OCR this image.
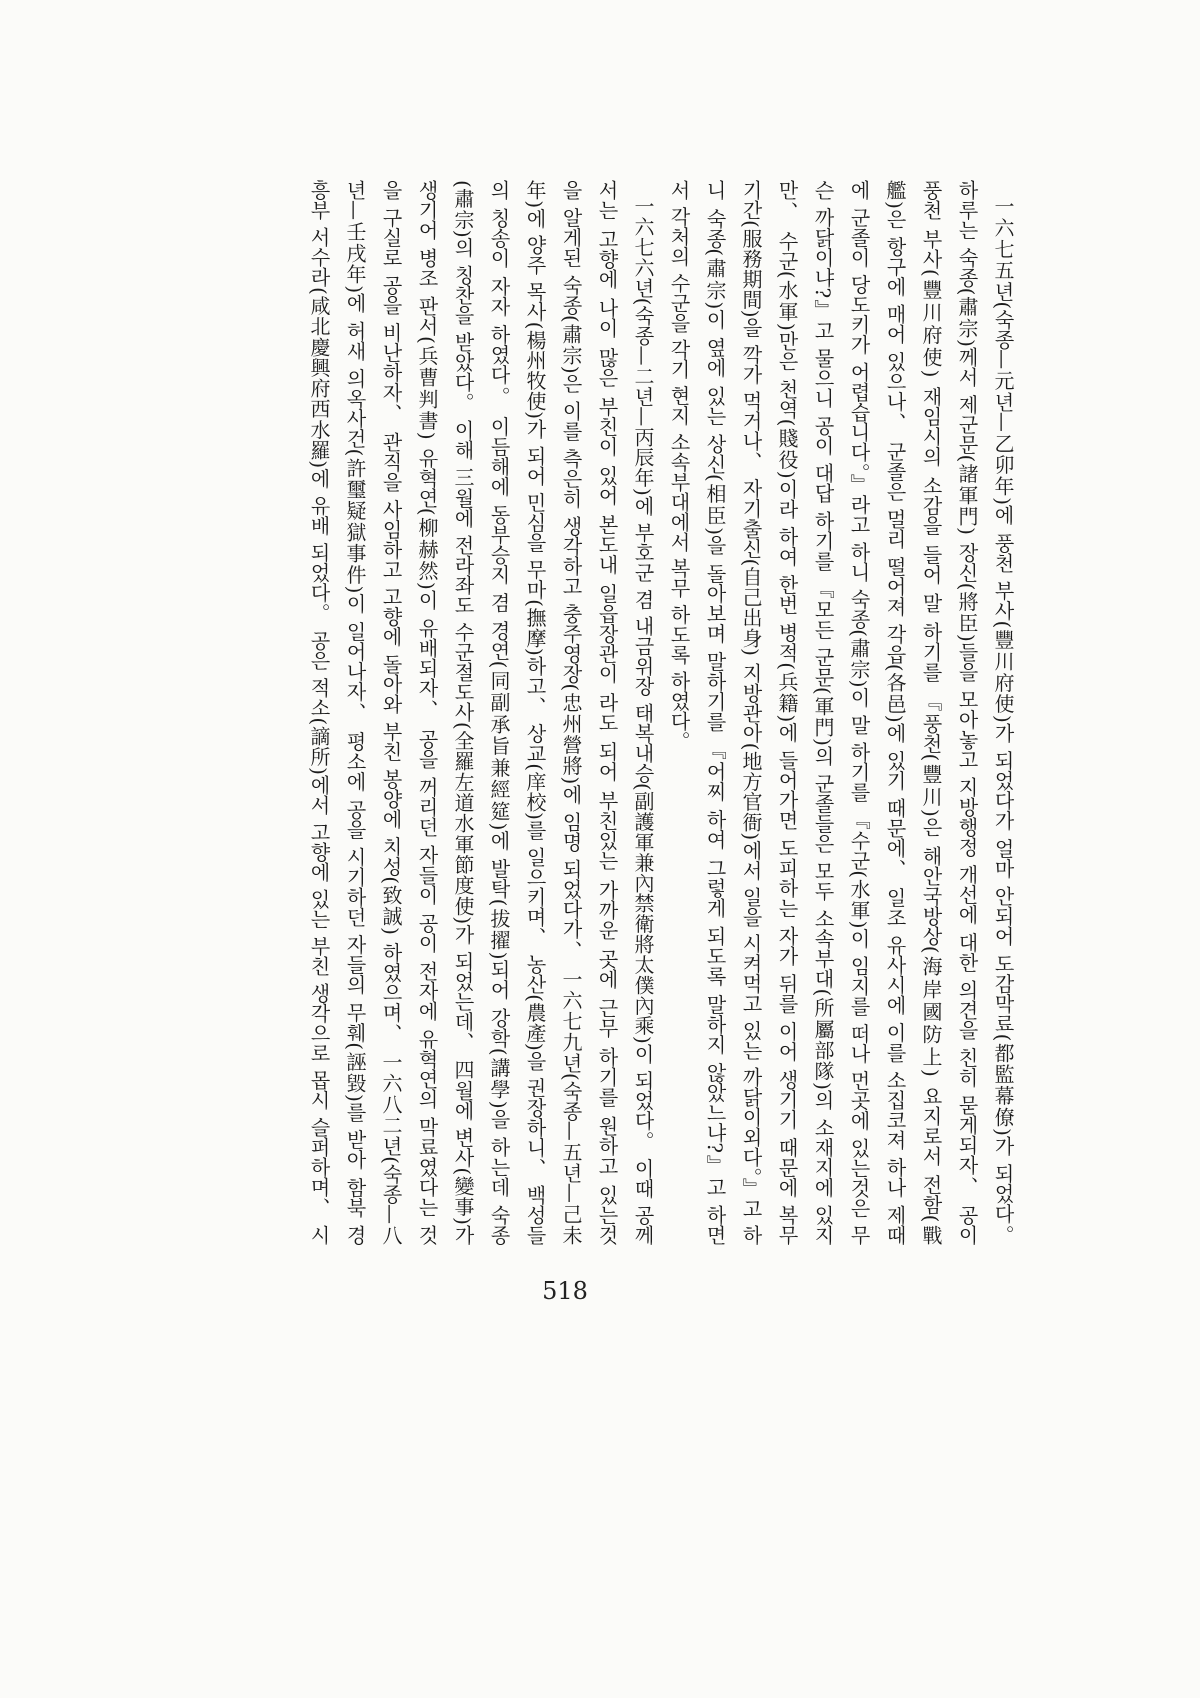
一六七五년(숙종—元년—乙卯年)에 풍천 부사(豐川府使)가 되었다가 얼마 안되어 도감막료(都監幕僚)가 되었다。
하루는 숙종(肅宗)께서 제군문(諸軍門) 장신(將臣)들을 모아놓고 지방행정 개선에 대한 의견을 친히 묻게되자、 공이
풍천 부사(豐川府使) 재임시의 소감을 들어 말 하기를 『풍천(豐川)은 해안국방상(海岸國防上) 요지로서 전함(戰
艦)은 항구에 매어 있으나、 군졸은 멀리 떨어져 각읍(各邑)에 있기 때문에、 일조 유사시에 이를 소집코져 하나 제때
에 군졸이 당도키가 어렵습니다。』라고 하니 숙종(肅宗)이 말 하기를 『수군(水軍)이 임지를 떠나 먼곳에 있는것은 무
슨 까닭이냐?』고 물으니 공이 대답 하기를 『모든 군문(軍門)의 군졸들은 모두 소속부대(所屬部隊)의 소재지에 있지
만、 수군(水軍)만은 천역(賤役)이라 하여 한번 병적(兵籍)에 들어가면 도피하는 자가 뒤를 이어 생기기 때문에 복무
기간(服務期間)을 깍가 먹거나、 자기출신(自己出身) 지방관아(地方官衙)에서 일을 시켜먹고 있는 까닭이외다。』고 하
니 숙종(肅宗)이 옆에 있는 상신(相臣)을 돌아보며 말하기를 『어찌 하여 그렇게 되도록 말하지 않았느냐?』고 하면
서 각처의 수군을 각기 현지 소속부대에서 복무 하도록 하였다。
一六七六년(숙종—二년—丙辰年)에 부호군 겸 내금위장 태복내승(副護軍兼內禁衛將太僕內乘)이 되었다。 이때 공께
서는 고향에 나이 많은 부친이 있어 본도내 일읍장관이 라도 되어 부친있는 가까운 곳에 근무 하기를 원하고 있는것
을 알게된 숙종(肅宗)은 이를 측은히 생각하고 충주영장(忠州營將)에 임명 되었다가、 一六七九년(숙종—五년—己未
年)에 양주 목사(楊州牧使)가 되어 민심을 무마(撫摩)하고、 상교(庠校)를 일으키며、 농산(農產)을 권장하니、 백성들
의 칭송이 자자 하였다。 이듬해에 동부승지 겸 경연(同副承旨兼經筵)에 발탁(拔擢)되어 강학(講學)을 하는데 숙종
(肅宗)의 칭찬을 받았다。 이해 三월에 전라좌도 수군절도사(全羅左道水軍節度使)가 되었는데、 四월에 변사(變事)가
생기어 병조 판서(兵曹判書) 유혁연(柳赫然)이 유배되자、 공을 꺼리던 자들이 공이 전자에 유혁연의 막료였다는 것
을 구실로 공을 비난하자、 관직을 사임하고 고향에 돌아와 부친 봉양에 치성(致誠) 하였으며、 一六八二년(숙종—八
년—壬戌年)에 허새 의옥사건(許璽疑獄事件)이 일어나자、 평소에 공을 시기하던 자들의 무훼(誣毀)를 받아 함북 경
흥부 서수라(咸北慶興府西水羅)에 유배 되었다。 공은 적소(謫所)에서 고향에 있는 부친 생각으로 몹시 슬퍼하며、 시
518
